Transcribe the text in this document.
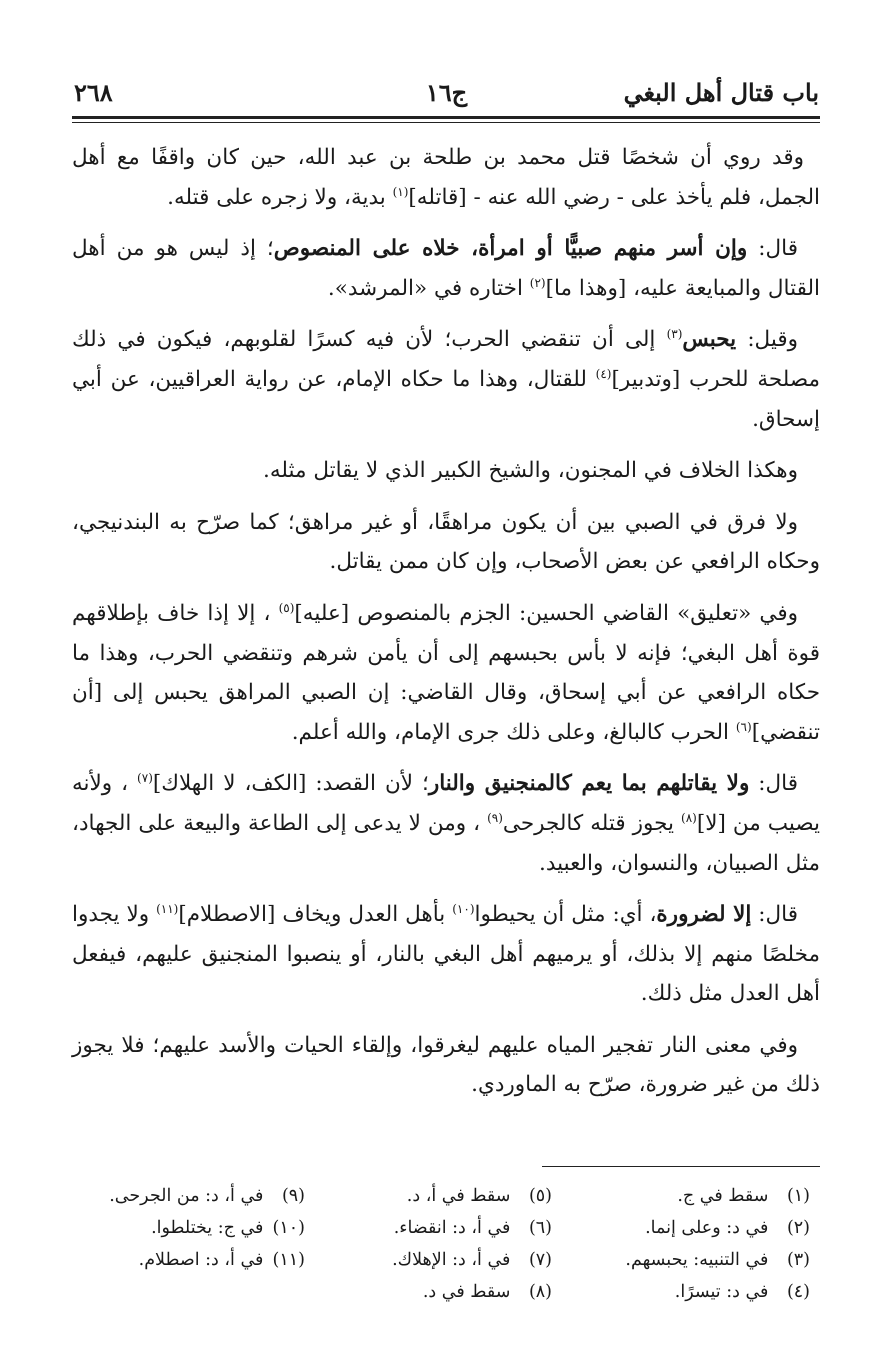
باب قتال أهل البغي
ج١٦
٢٦٨

وقد روي أن شخصًا قتل محمد بن طلحة بن عبد الله، حين كان واقفًا مع أهل الجمل، فلم يأخذ على - رضي الله عنه - [قاتله]$^{(١)}$ بدية، ولا زجره على قتله.

قال: وإن أسر منهم صبيًّا أو امرأة، خلاه على المنصوص؛ إذ ليس هو من أهل القتال والمبايعة عليه، [وهذا ما]$^{(٢)}$ اختاره في «المرشد».

وقيل: يحبس$^{(٣)}$ إلى أن تنقضي الحرب؛ لأن فيه كسرًا لقلوبهم، فيكون في ذلك مصلحة للحرب [وتدبير]$^{(٤)}$ للقتال، وهذا ما حكاه الإمام، عن رواية العراقيين، عن أبي إسحاق.

وهكذا الخلاف في المجنون، والشيخ الكبير الذي لا يقاتل مثله.

ولا فرق في الصبي بين أن يكون مراهقًا، أو غير مراهق؛ كما صرّح به البندنيجي، وحكاه الرافعي عن بعض الأصحاب، وإن كان ممن يقاتل.

وفي «تعليق» القاضي الحسين: الجزم بالمنصوص [عليه]$^{(٥)}$ ، إلا إذا خاف بإطلاقهم قوة أهل البغي؛ فإنه لا بأس بحبسهم إلى أن يأمن شرهم وتنقضي الحرب، وهذا ما حكاه الرافعي عن أبي إسحاق، وقال القاضي: إن الصبي المراهق يحبس إلى [أن تنقضي]$^{(٦)}$ الحرب كالبالغ، وعلى ذلك جرى الإمام، والله أعلم.

قال: ولا يقاتلهم بما يعم كالمنجنيق والنار؛ لأن القصد: [الكف، لا الهلاك]$^{(٧)}$ ، ولأنه يصيب من [لا]$^{(٨)}$ يجوز قتله كالجرحى$^{(٩)}$ ، ومن لا يدعى إلى الطاعة والبيعة على الجهاد، مثل الصبيان، والنسوان، والعبيد.

قال: إلا لضرورة، أي: مثل أن يحيطوا$^{(١٠)}$ بأهل العدل ويخاف [الاصطلام]$^{(١١)}$ ولا يجدوا مخلصًا منهم إلا بذلك، أو يرميهم أهل البغي بالنار، أو ينصبوا المنجنيق عليهم، فيفعل أهل العدل مثل ذلك.

وفي معنى النار تفجير المياه عليهم ليغرقوا، وإلقاء الحيات والأسد عليهم؛ فلا يجوز ذلك من غير ضرورة، صرّح به الماوردي.

(١) سقط في ج.
(٢) في د: وعلى إنما.
(٣) في التنبيه: يحبسهم.
(٤) في د: تيسرًا.
(٥) سقط في أ، د.
(٦) في أ، د: انقضاء.
(٧) في أ، د: الإهلاك.
(٨) سقط في د.
(٩) في أ، د: من الجرحى.
(١٠) في ج: يختلطوا.
(١١) في أ، د: اصطلام.
